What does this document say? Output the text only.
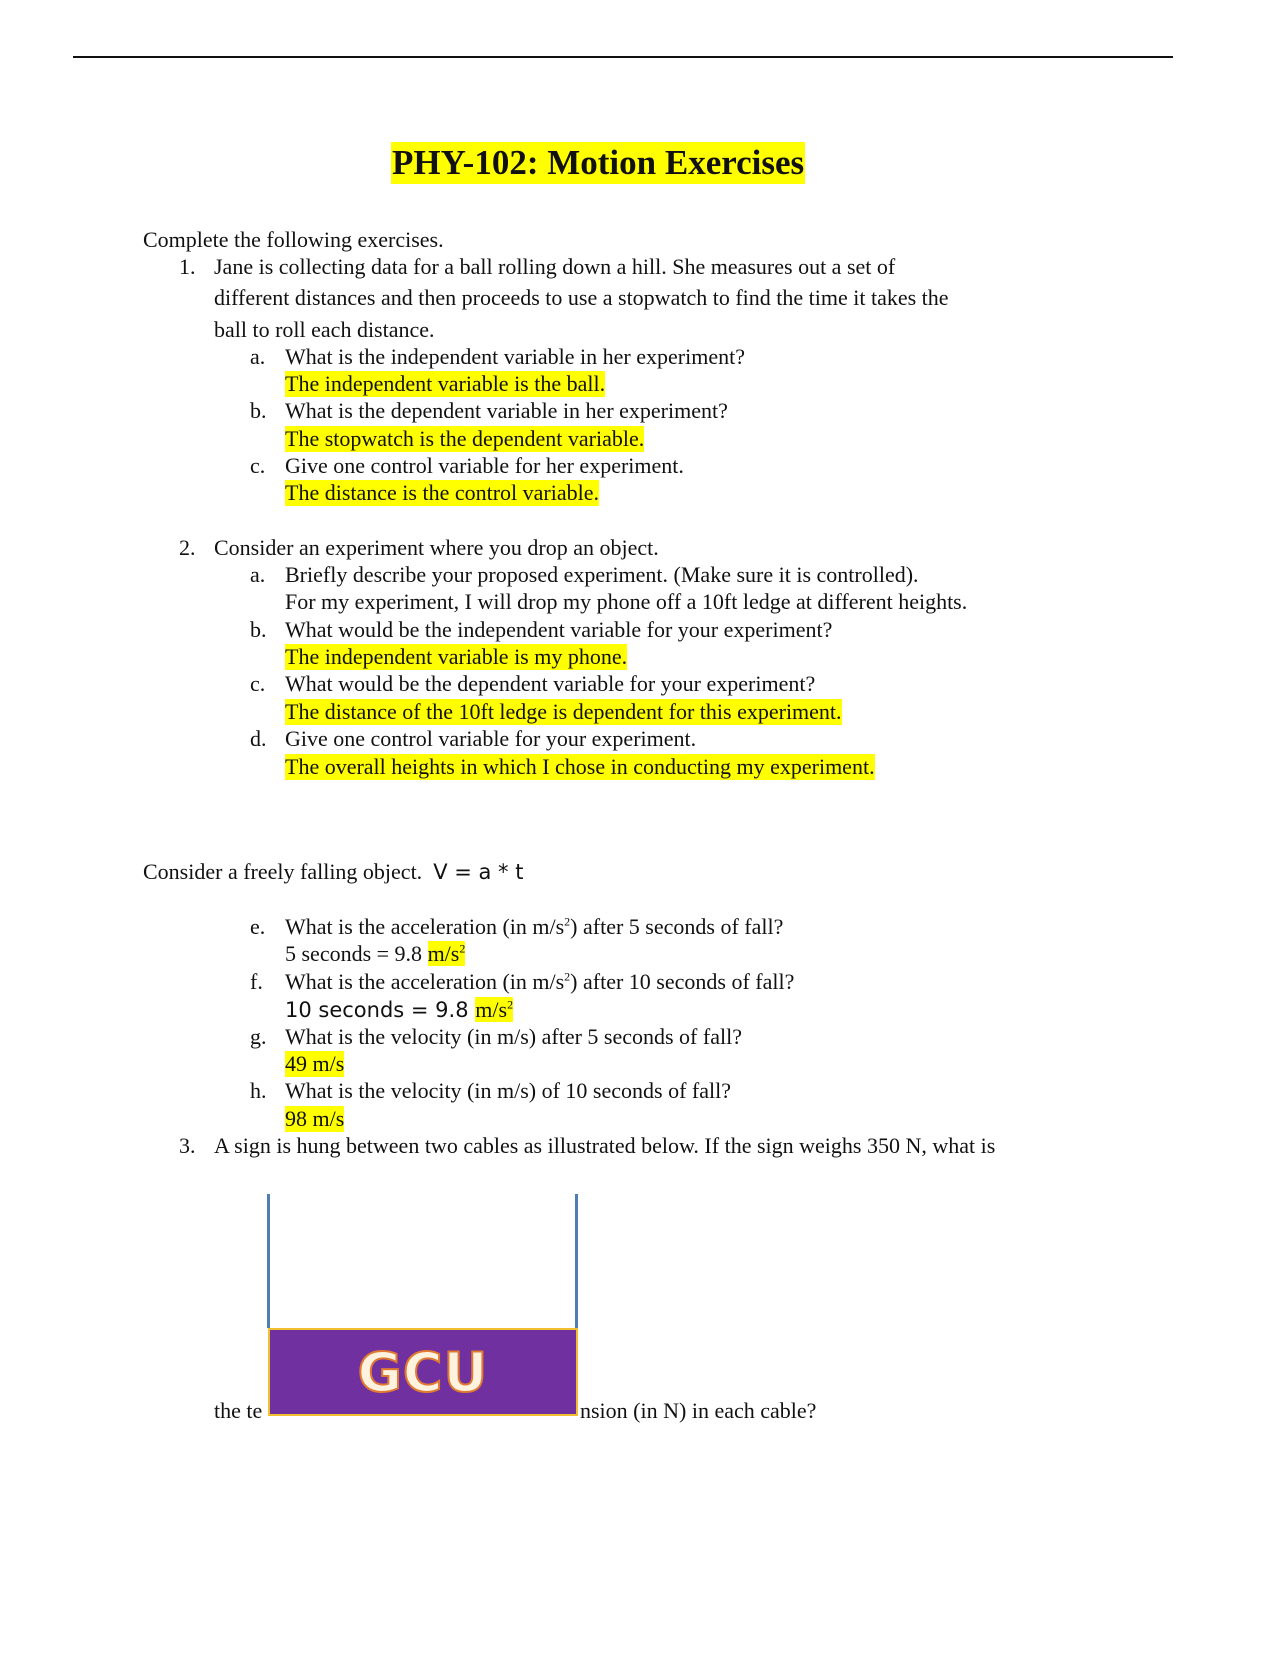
PHY-102: Motion Exercises
Complete the following exercises.
1. Jane is collecting data for a ball rolling down a hill. She measures out a set of
different distances and then proceeds to use a stopwatch to find the time it takes the
ball to roll each distance.
a. What is the independent variable in her experiment?
The independent variable is the ball.
b. What is the dependent variable in her experiment?
The stopwatch is the dependent variable.
c. Give one control variable for her experiment.
The distance is the control variable.
2. Consider an experiment where you drop an object.
a. Briefly describe your proposed experiment. (Make sure it is controlled).
For my experiment, I will drop my phone off a 10ft ledge at different heights.
b. What would be the independent variable for your experiment?
The independent variable is my phone.
c. What would be the dependent variable for your experiment?
The distance of the 10ft ledge is dependent for this experiment.
d. Give one control variable for your experiment.
The overall heights in which I chose in conducting my experiment.
Consider a freely falling object. V = a * t
e. What is the acceleration (in $m/s^2$) after 5 seconds of fall?
5 seconds = 9.8 $m/s^2$
f. What is the acceleration (in $m/s^2$) after 10 seconds of fall?
10 seconds = 9.8 $m/s^2$
g. What is the velocity (in m/s) after 5 seconds of fall?
49 m/s
h. What is the velocity (in m/s) of 10 seconds of fall?
98 m/s
3. A sign is hung between two cables as illustrated below. If the sign weighs 350 N, what is
GCU
the te	nsion (in N) in each cable?
